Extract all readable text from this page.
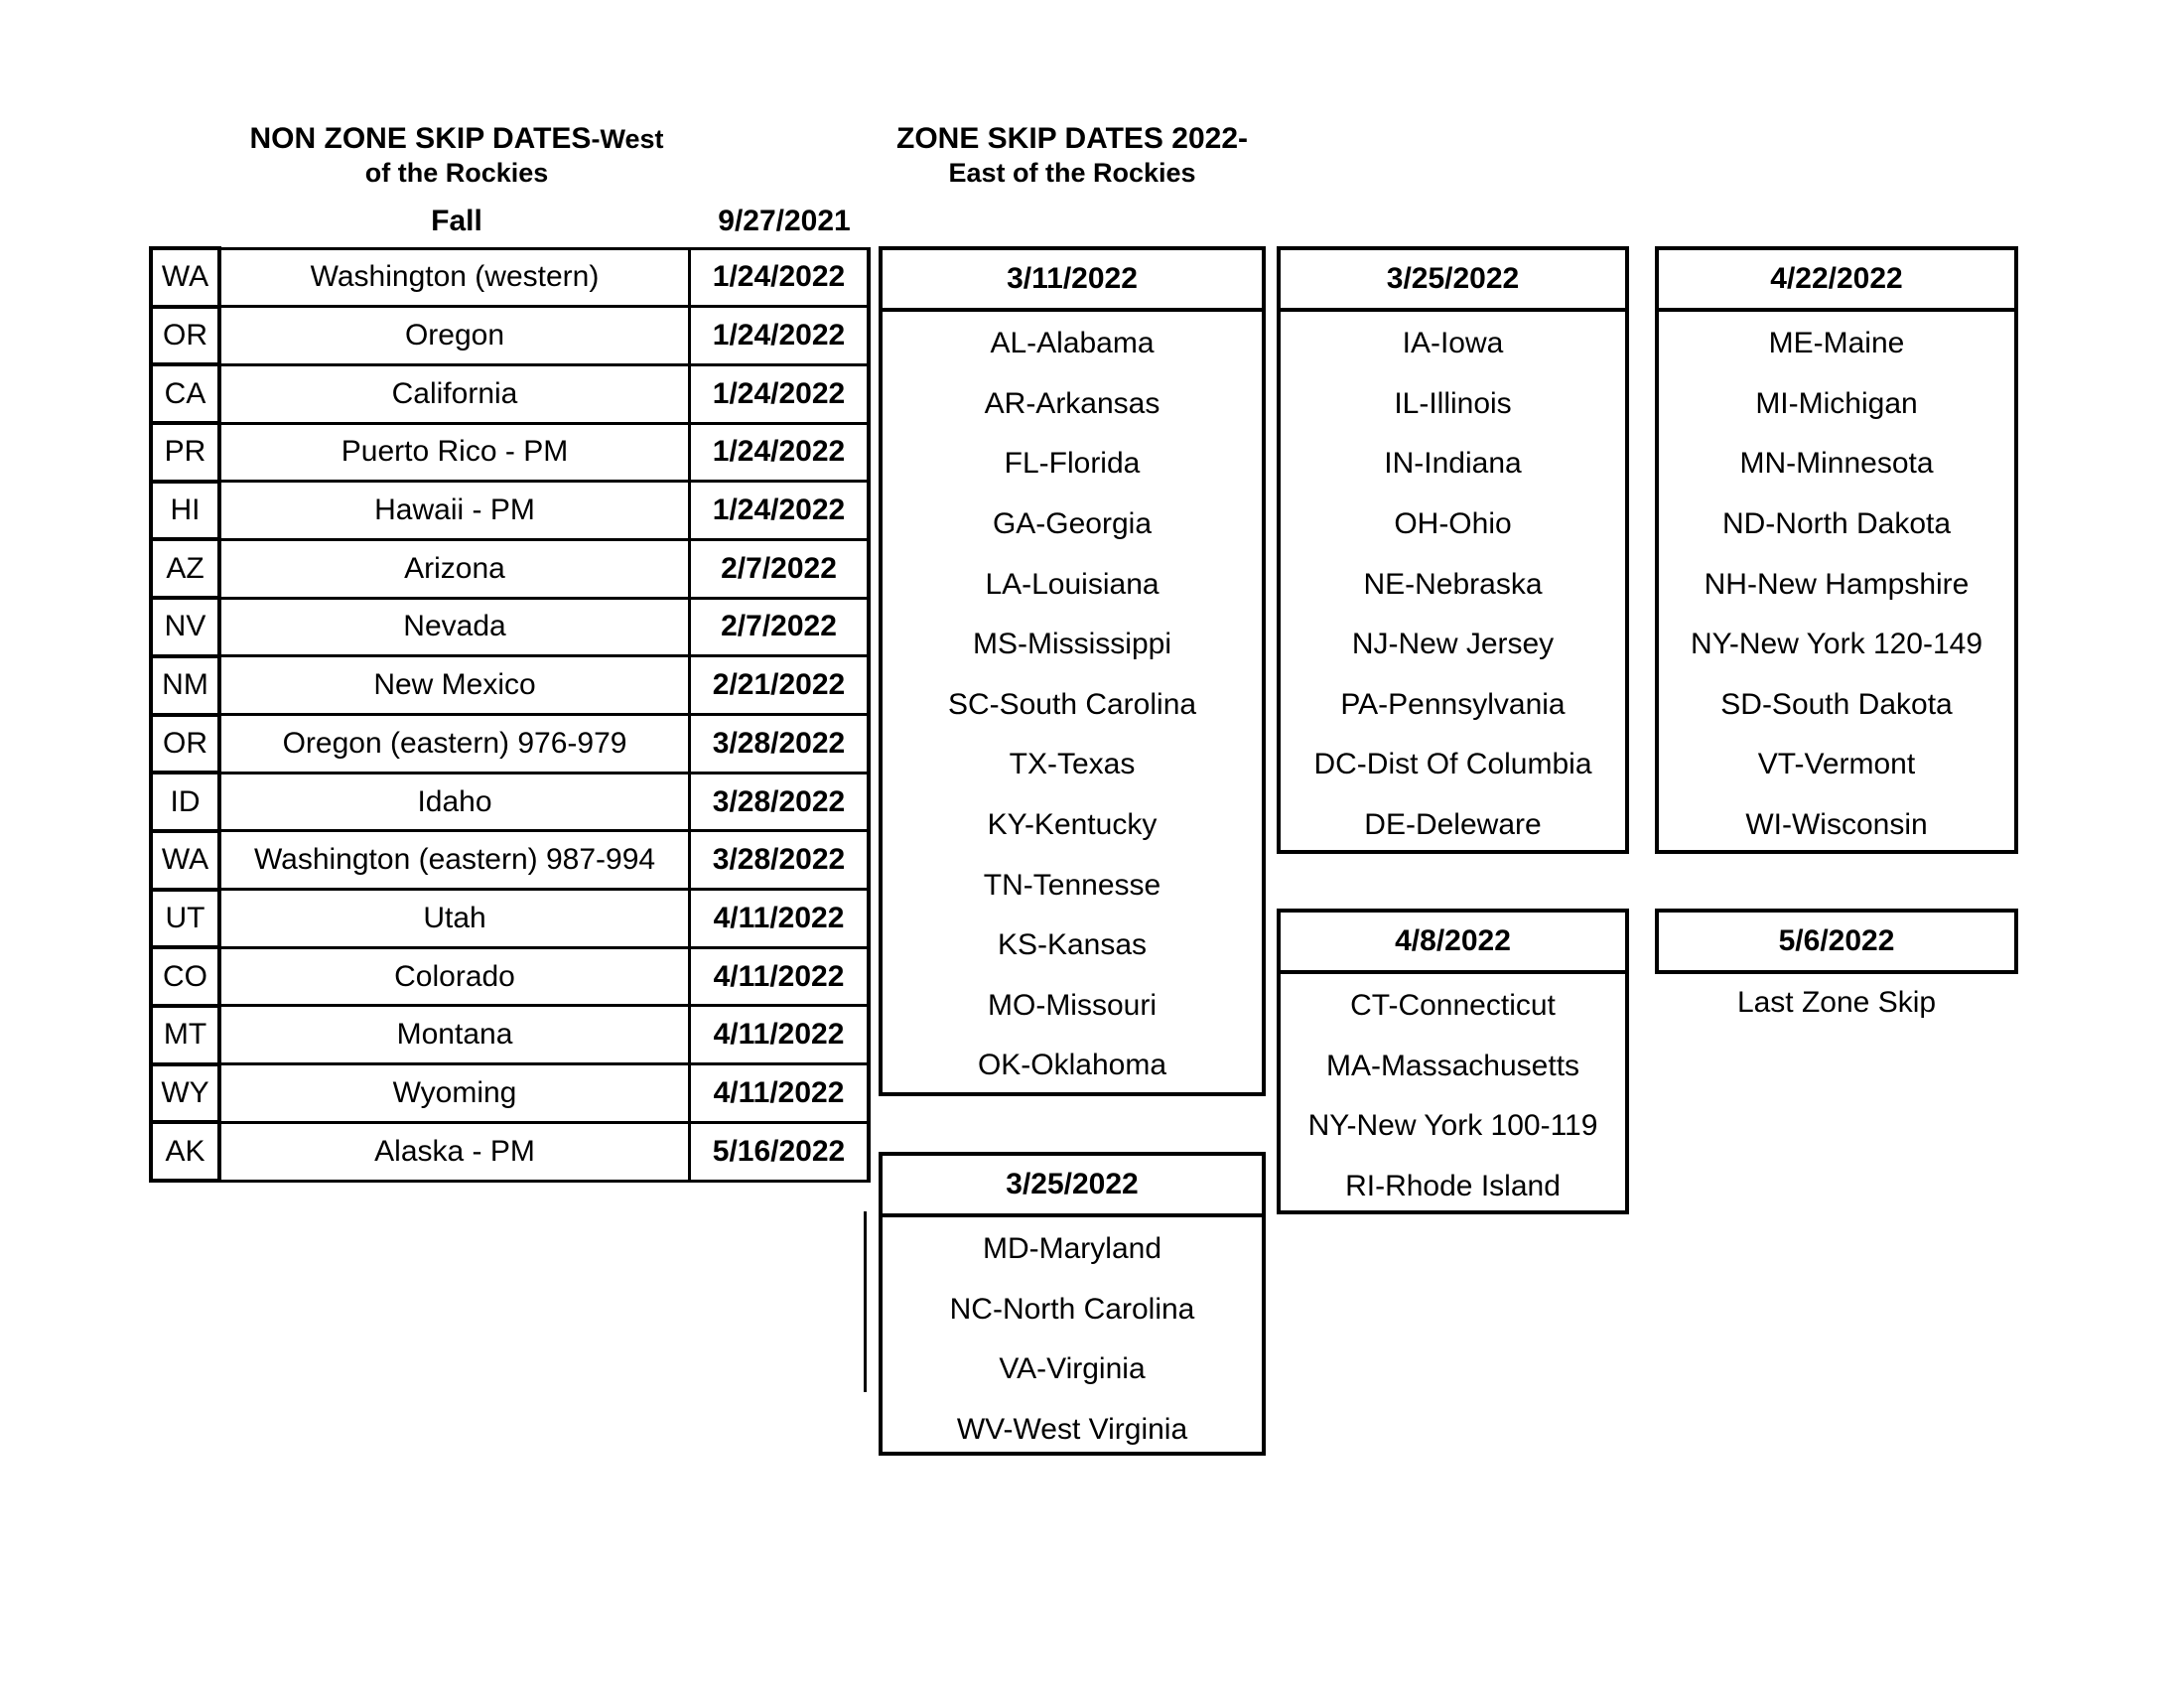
NON ZONE SKIP DATES-West
of the Rockies
Fall	9/27/2021
ZONE SKIP DATES 2022-
East of the Rockies
WA	Washington (western)	1/24/2022
OR	Oregon	1/24/2022
CA	California	1/24/2022
PR	Puerto Rico - PM	1/24/2022
HI	Hawaii - PM	1/24/2022
AZ	Arizona	2/7/2022
NV	Nevada	2/7/2022
NM	New Mexico	2/21/2022
OR	Oregon (eastern) 976-979	3/28/2022
ID	Idaho	3/28/2022
WA	Washington (eastern) 987-994	3/28/2022
UT	Utah	4/11/2022
CO	Colorado	4/11/2022
MT	Montana	4/11/2022
WY	Wyoming	4/11/2022
AK	Alaska - PM	5/16/2022
3/11/2022
AL-Alabama
AR-Arkansas
FL-Florida
GA-Georgia
LA-Louisiana
MS-Mississippi
SC-South Carolina
TX-Texas
KY-Kentucky
TN-Tennesse
KS-Kansas
MO-Missouri
OK-Oklahoma
3/25/2022
MD-Maryland
NC-North Carolina
VA-Virginia
WV-West Virginia
3/25/2022
IA-Iowa
IL-Illinois
IN-Indiana
OH-Ohio
NE-Nebraska
NJ-New Jersey
PA-Pennsylvania
DC-Dist Of Columbia
DE-Deleware
4/8/2022
CT-Connecticut
MA-Massachusetts
NY-New York 100-119
RI-Rhode Island
4/22/2022
ME-Maine
MI-Michigan
MN-Minnesota
ND-North Dakota
NH-New Hampshire
NY-New York 120-149
SD-South Dakota
VT-Vermont
WI-Wisconsin
5/6/2022
Last Zone Skip
